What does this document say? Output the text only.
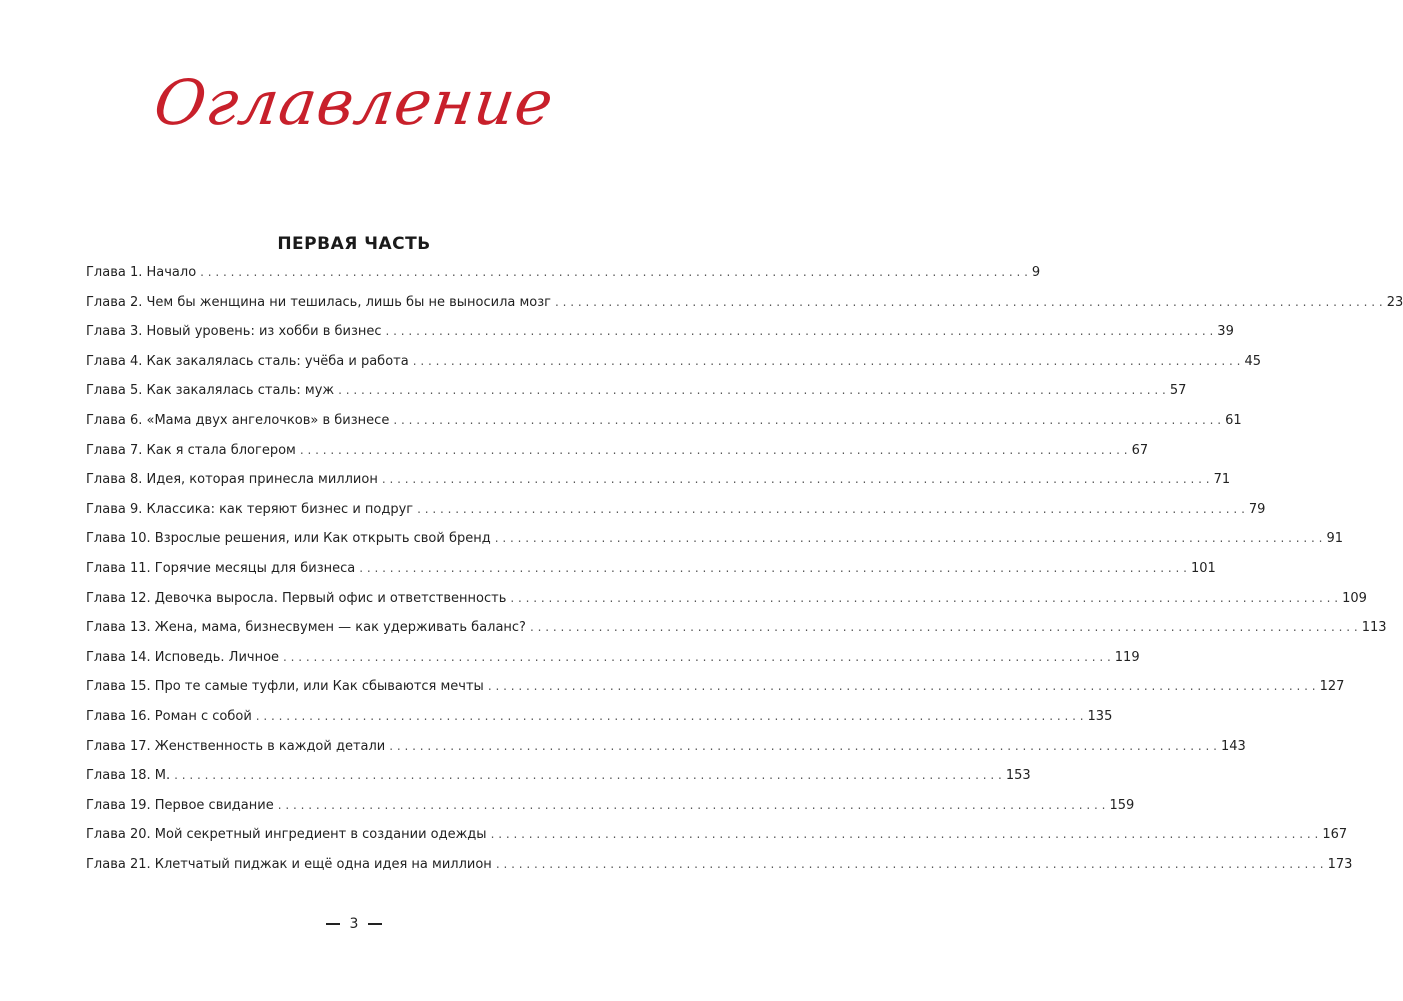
Оглавление
ПЕРВАЯ ЧАСТЬ
Глава 1. Начало . . .	9
Глава 2. Чем бы женщина ни тешилась, лишь бы не выносила мозг . . .	23
Глава 3. Новый уровень: из хобби в бизнес . . .	39
Глава 4. Как закалялась сталь: учёба и работа . . .	45
Глава 5. Как закалялась сталь: муж . . .	57
Глава 6. «Мама двух ангелочков» в бизнесе . . .	61
Глава 7. Как я стала блогером . . .	67
Глава 8. Идея, которая принесла миллион . . .	71
Глава 9. Классика: как теряют бизнес и подруг . . .	79
Глава 10. Взрослые решения, или Как открыть свой бренд . . .	91
Глава 11. Горячие месяцы для бизнеса . . .	101
Глава 12. Девочка выросла. Первый офис и ответственность . . .	109
Глава 13. Жена, мама, бизнесвумен — как удерживать баланс? . . .	113
Глава 14. Исповедь. Личное . . .	119
Глава 15. Про те самые туфли, или Как сбываются мечты . . .	127
Глава 16. Роман с собой . . .	135
Глава 17. Женственность в каждой детали . . .	143
Глава 18. М. . . .	153
Глава 19. Первое свидание . . .	159
Глава 20. Мой секретный ингредиент в создании одежды . . .	167
Глава 21. Клетчатый пиджак и ещё одна идея на миллион . . .	173
3
